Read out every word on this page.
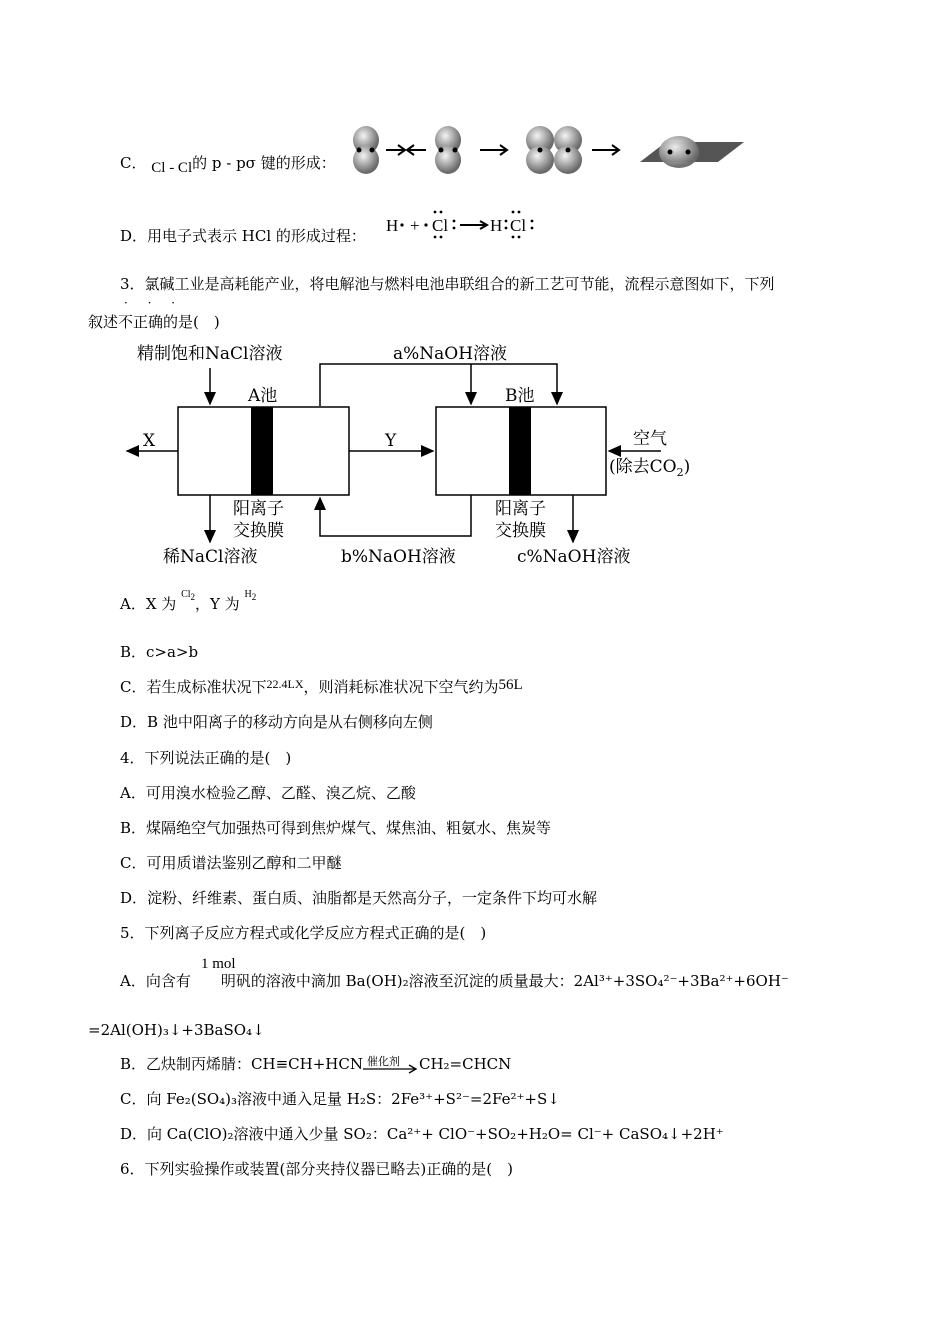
C． Cl - Cl的 p - pσ 键的形成：
D．用电子式表示 HCl 的形成过程：
H + Cl H Cl
3．氯碱工业是高耗能产业，将电解池与燃料电池串联组合的新工艺可节能，流程示意图如下，下列
叙述不正确的是(　)
· · ·
精制饱和NaCl溶液	a%NaOH溶液
A池	B池
X	Y	空气
(除去$CO_2$)
阳离子
交换膜
阳离子
交换膜
稀NaCl溶液	b%NaOH溶液	c%NaOH溶液
A．X 为 $^{Cl_2}$，Y 为 $^{H_2}$
B．c>a>b
C．若生成标准状况下$^{22.4LX}$，则消耗标准状况下空气约为56L
D．B 池中阳离子的移动方向是从右侧移向左侧
4．下列说法正确的是(　)
A．可用溴水检验乙醇、乙醛、溴乙烷、乙酸
B．煤隔绝空气加强热可得到焦炉煤气、煤焦油、粗氨水、焦炭等
C．可用质谱法鉴别乙醇和二甲醚
D．淀粉、纤维素、蛋白质、油脂都是天然高分子，一定条件下均可水解
5．下列离子反应方程式或化学反应方程式正确的是(　)
1 mol
A．向含有 明矾的溶液中滴加 Ba(OH)₂溶液至沉淀的质量最大：2Al³⁺+3SO₄²⁻+3Ba²⁺+6OH⁻
=2Al(OH)₃↓+3BaSO₄↓
B．乙炔制丙烯腈：CH≡CH+HCN 催化剂 CH₂=CHCN
C．向 Fe₂(SO₄)₃溶液中通入足量 H₂S：2Fe³⁺+S²⁻=2Fe²⁺+S↓
D．向 Ca(ClO)₂溶液中通入少量 SO₂：Ca²⁺+ ClO⁻+SO₂+H₂O= Cl⁻+ CaSO₄↓+2H⁺
6．下列实验操作或装置(部分夹持仪器已略去)正确的是(　)
